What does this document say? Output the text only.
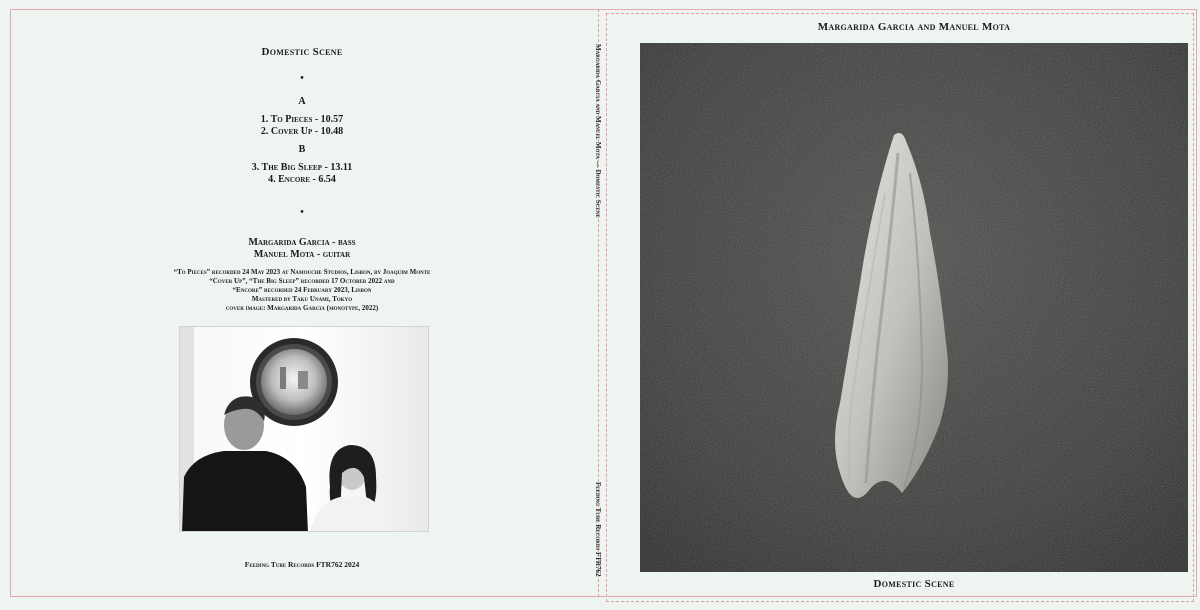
Domestic Scene
•
A
1. To Pieces - 10.57
2. Cover Up - 10.48
B
3. The Big Sleep - 13.11
4. Encore - 6.54
•
Margarida Garcia - bass
Manuel Mota - guitar
“To Pieces” recorded 24 May 2023 at Namouche Studios, Lisbon, by Joaquim Monte
“Cover Up”, “The Big Sleep” recorded 17 October 2022 and
“Encore” recorded 24 February 2023, Lisbon
Mastered by Taku Unami, Tokyo
cover image: Margarida Garcia (monotype, 2022)
Feeding Tube Records FTR762 2024
Margarida Garcia and Manuel Mota — Domestic Scene
Feeding Tube Records FTR762
Margarida Garcia and Manuel Mota
Domestic Scene
